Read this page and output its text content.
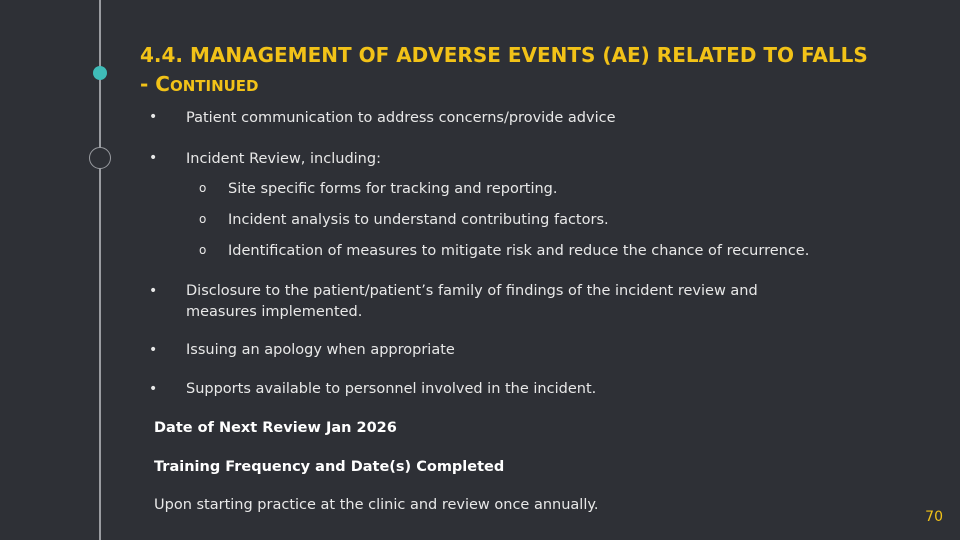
4.4. MANAGEMENT OF ADVERSE EVENTS (AE) RELATED TO FALLS
- CONTINUED
• Patient communication to address concerns/provide advice
• Incident Review, including:
o Site specific forms for tracking and reporting.
o Incident analysis to understand contributing factors.
o Identification of measures to mitigate risk and reduce the chance of recurrence.
• Disclosure to the patient/patient’s family of findings of the incident review and
measures implemented.
• Issuing an apology when appropriate
• Supports available to personnel involved in the incident.
Date of Next Review Jan 2026
Training Frequency and Date(s) Completed
Upon starting practice at the clinic and review once annually.
70
